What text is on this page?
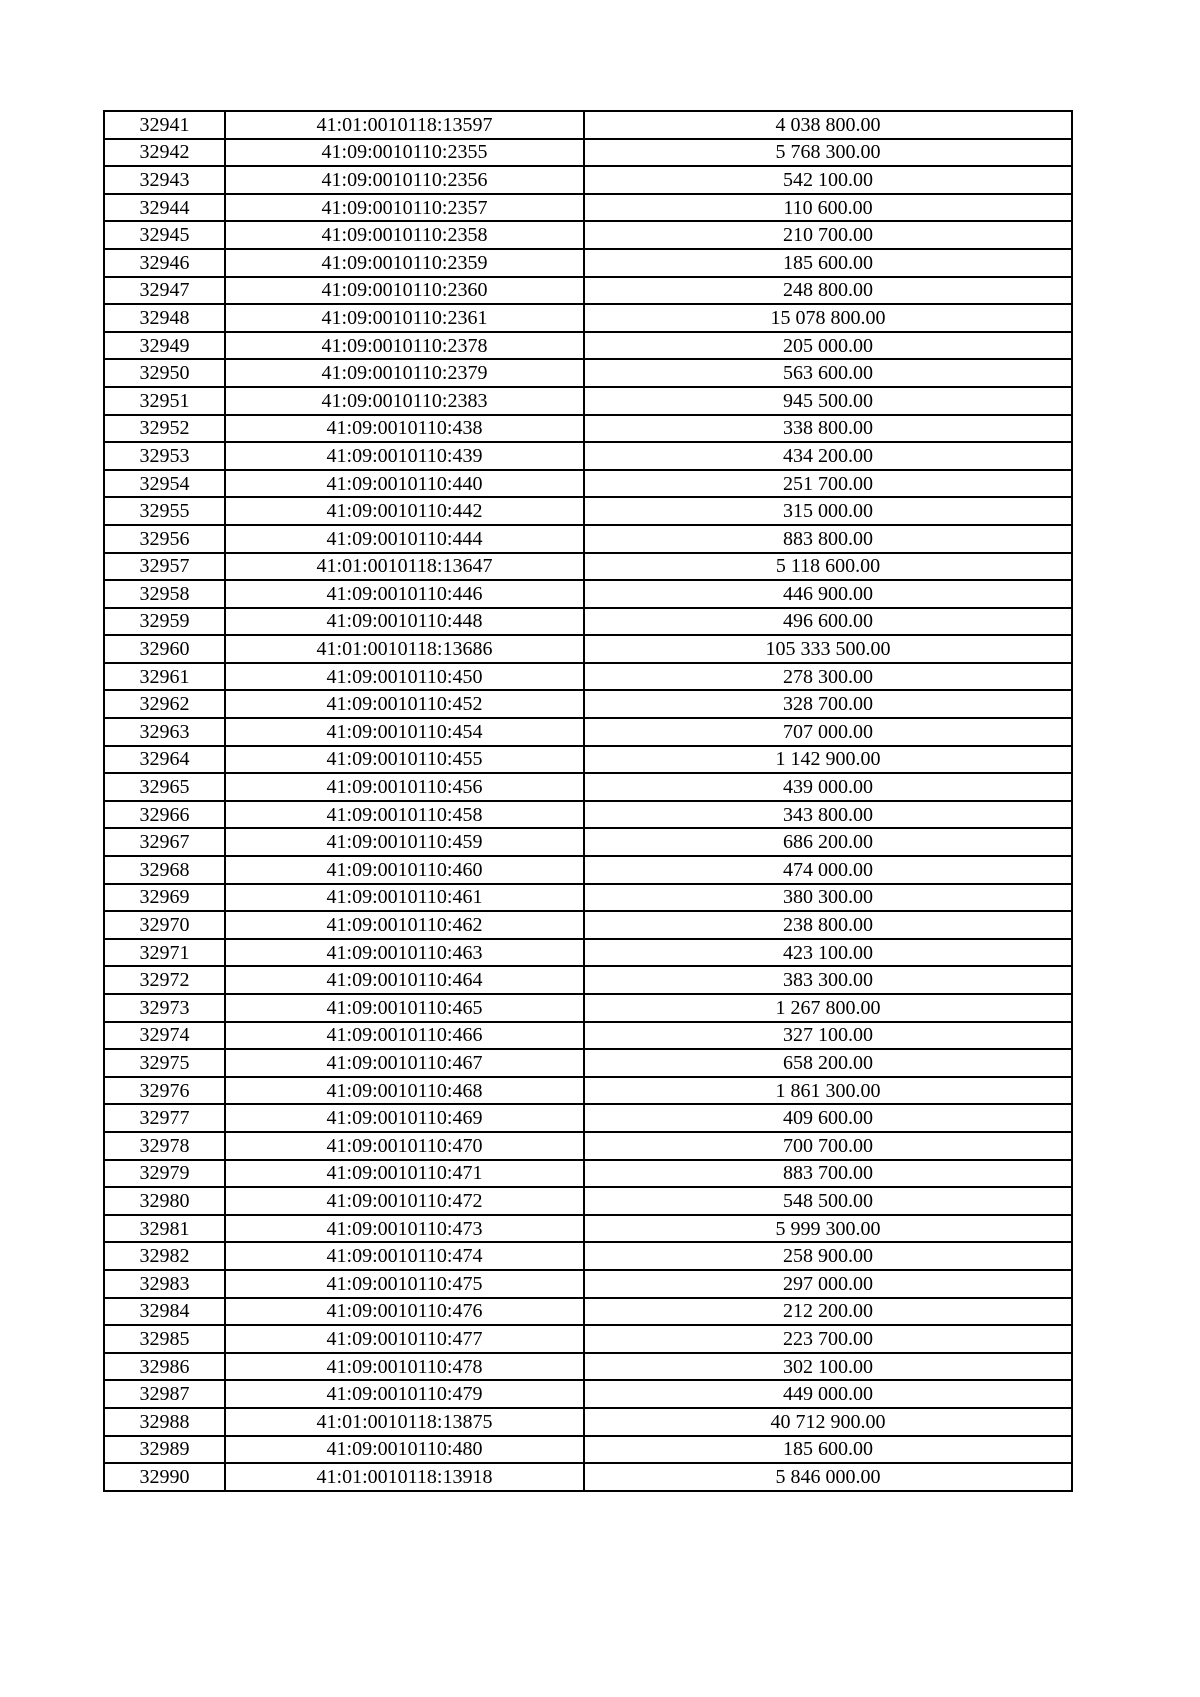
32941	41:01:0010118:13597	4 038 800.00
32942	41:09:0010110:2355	5 768 300.00
32943	41:09:0010110:2356	542 100.00
32944	41:09:0010110:2357	110 600.00
32945	41:09:0010110:2358	210 700.00
32946	41:09:0010110:2359	185 600.00
32947	41:09:0010110:2360	248 800.00
32948	41:09:0010110:2361	15 078 800.00
32949	41:09:0010110:2378	205 000.00
32950	41:09:0010110:2379	563 600.00
32951	41:09:0010110:2383	945 500.00
32952	41:09:0010110:438	338 800.00
32953	41:09:0010110:439	434 200.00
32954	41:09:0010110:440	251 700.00
32955	41:09:0010110:442	315 000.00
32956	41:09:0010110:444	883 800.00
32957	41:01:0010118:13647	5 118 600.00
32958	41:09:0010110:446	446 900.00
32959	41:09:0010110:448	496 600.00
32960	41:01:0010118:13686	105 333 500.00
32961	41:09:0010110:450	278 300.00
32962	41:09:0010110:452	328 700.00
32963	41:09:0010110:454	707 000.00
32964	41:09:0010110:455	1 142 900.00
32965	41:09:0010110:456	439 000.00
32966	41:09:0010110:458	343 800.00
32967	41:09:0010110:459	686 200.00
32968	41:09:0010110:460	474 000.00
32969	41:09:0010110:461	380 300.00
32970	41:09:0010110:462	238 800.00
32971	41:09:0010110:463	423 100.00
32972	41:09:0010110:464	383 300.00
32973	41:09:0010110:465	1 267 800.00
32974	41:09:0010110:466	327 100.00
32975	41:09:0010110:467	658 200.00
32976	41:09:0010110:468	1 861 300.00
32977	41:09:0010110:469	409 600.00
32978	41:09:0010110:470	700 700.00
32979	41:09:0010110:471	883 700.00
32980	41:09:0010110:472	548 500.00
32981	41:09:0010110:473	5 999 300.00
32982	41:09:0010110:474	258 900.00
32983	41:09:0010110:475	297 000.00
32984	41:09:0010110:476	212 200.00
32985	41:09:0010110:477	223 700.00
32986	41:09:0010110:478	302 100.00
32987	41:09:0010110:479	449 000.00
32988	41:01:0010118:13875	40 712 900.00
32989	41:09:0010110:480	185 600.00
32990	41:01:0010118:13918	5 846 000.00
